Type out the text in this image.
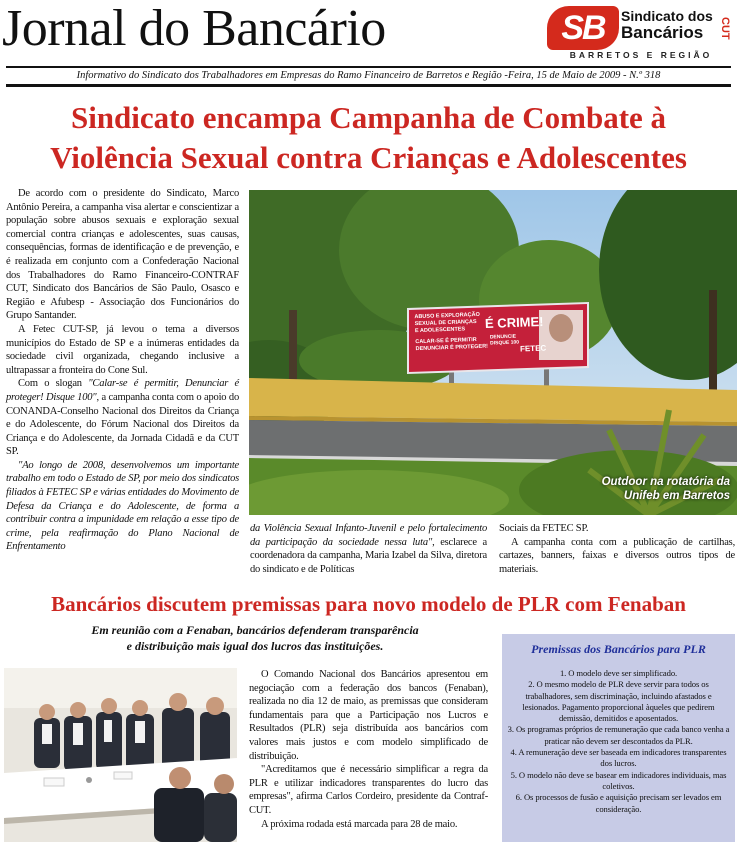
Jornal do Bancário	SB	Sindicato dos
Bancários CUT
BARRETOS E REGIÃO
Informativo do Sindicato dos Trabalhadores em Empresas do Ramo Financeiro de Barretos e Região -Feira, 15 de Maio de 2009 - N.º 318
Sindicato encampa Campanha de Combate à
Violência Sexual contra Crianças e Adolescentes

De acordo com o presidente do Sindicato, Marco Antônio Pereira, a campanha visa alertar e conscientizar a população sobre abusos sexuais e exploração sexual comercial contra crianças e adolescentes, suas causas, consequências, formas de identificação e de prevenção, e é realizada em conjunto com a Confederação Nacional dos Trabalhadores do Ramo Financeiro-CONTRAF CUT, Sindicato dos Bancários de São Paulo, Osasco e Região e Afubesp - Associação dos Funcionários do Grupo Santander.

A Fetec CUT-SP, já levou o tema a diversos municípios do Estado de SP e a inúmeras entidades da sociedade civil organizada, chegando inclusive a ultrapassar a fronteira do Cone Sul.

Com o slogan "Calar-se é permitir, Denunciar é proteger! Disque 100", a campanha conta com o apoio do CONANDA-Conselho Nacional dos Direitos da Criança e do Adolescente, do Fórum Nacional dos Direitos da Criança e do Adolescente, da Jornada Cidadã e da CUT SP.

"Ao longo de 2008, desenvolvemos um importante trabalho em todo o Estado de SP, por meio dos sindicatos filiados à FETEC SP e várias entidades do Movimento de Defesa da Criança e do Adolescente, de forma a contribuir contra a impunidade em relação a esse tipo de crime, pela reafirmação do Plano Nacional de Enfrentamento

ABUSO E EXPLORAÇÃO
SEXUAL DE CRIANÇAS
E ADOLESCENTES
CALAR-SE É PERMITIR
DENUNCIAR É PROTEGER!
É CRIME!
DENUNCIE
DISQUE 100
FETEC
Outdoor na rotatória da
Unifeb em Barretos

da Violência Sexual Infanto-Juvenil e pelo fortalecimento da participação da sociedade nessa luta", esclarece a coordenadora da campanha, Maria Izabel da Silva, diretora do sindicato e de Políticas

Sociais da FETEC SP.

A campanha conta com a publicação de cartilhas, cartazes, banners, faixas e diversos outros tipos de materiais.

Bancários discutem premissas para novo modelo de PLR com Fenaban
Em reunião com a Fenaban, bancários defenderam transparência
e distribuição mais igual dos lucros das instituições.

O Comando Nacional dos Bancários apresentou em negociação com a federação dos bancos (Fenaban), realizada no dia 12 de maio, as premissas que consideram fundamentais para que a Participação nos Lucros e Resultados (PLR) seja distribuída aos bancários com valores mais justos e com modelo simplificado de distribuição.

"Acreditamos que é necessário simplificar a regra da PLR e utilizar indicadores transparentes do lucro das empresas", afirma Carlos Cordeiro, presidente da Contraf-CUT.

A próxima rodada está marcada para 28 de maio.

Premissas dos Bancários para PLR
1. O modelo deve ser simplificado.
2. O mesmo modelo de PLR deve servir para todos os trabalhadores, sem discriminação, incluindo afastados e lesionados. Pagamento proporcional àqueles que pedirem demissão, demitidos e aposentados.
3. Os programas próprios de remuneração que cada banco venha a praticar não devem ser descontados da PLR.
4. A remuneração deve ser baseada em indicadores transparentes dos lucros.
5. O modelo não deve se basear em indicadores individuais, mas coletivos.
6. Os processos de fusão e aquisição precisam ser levados em consideração.
